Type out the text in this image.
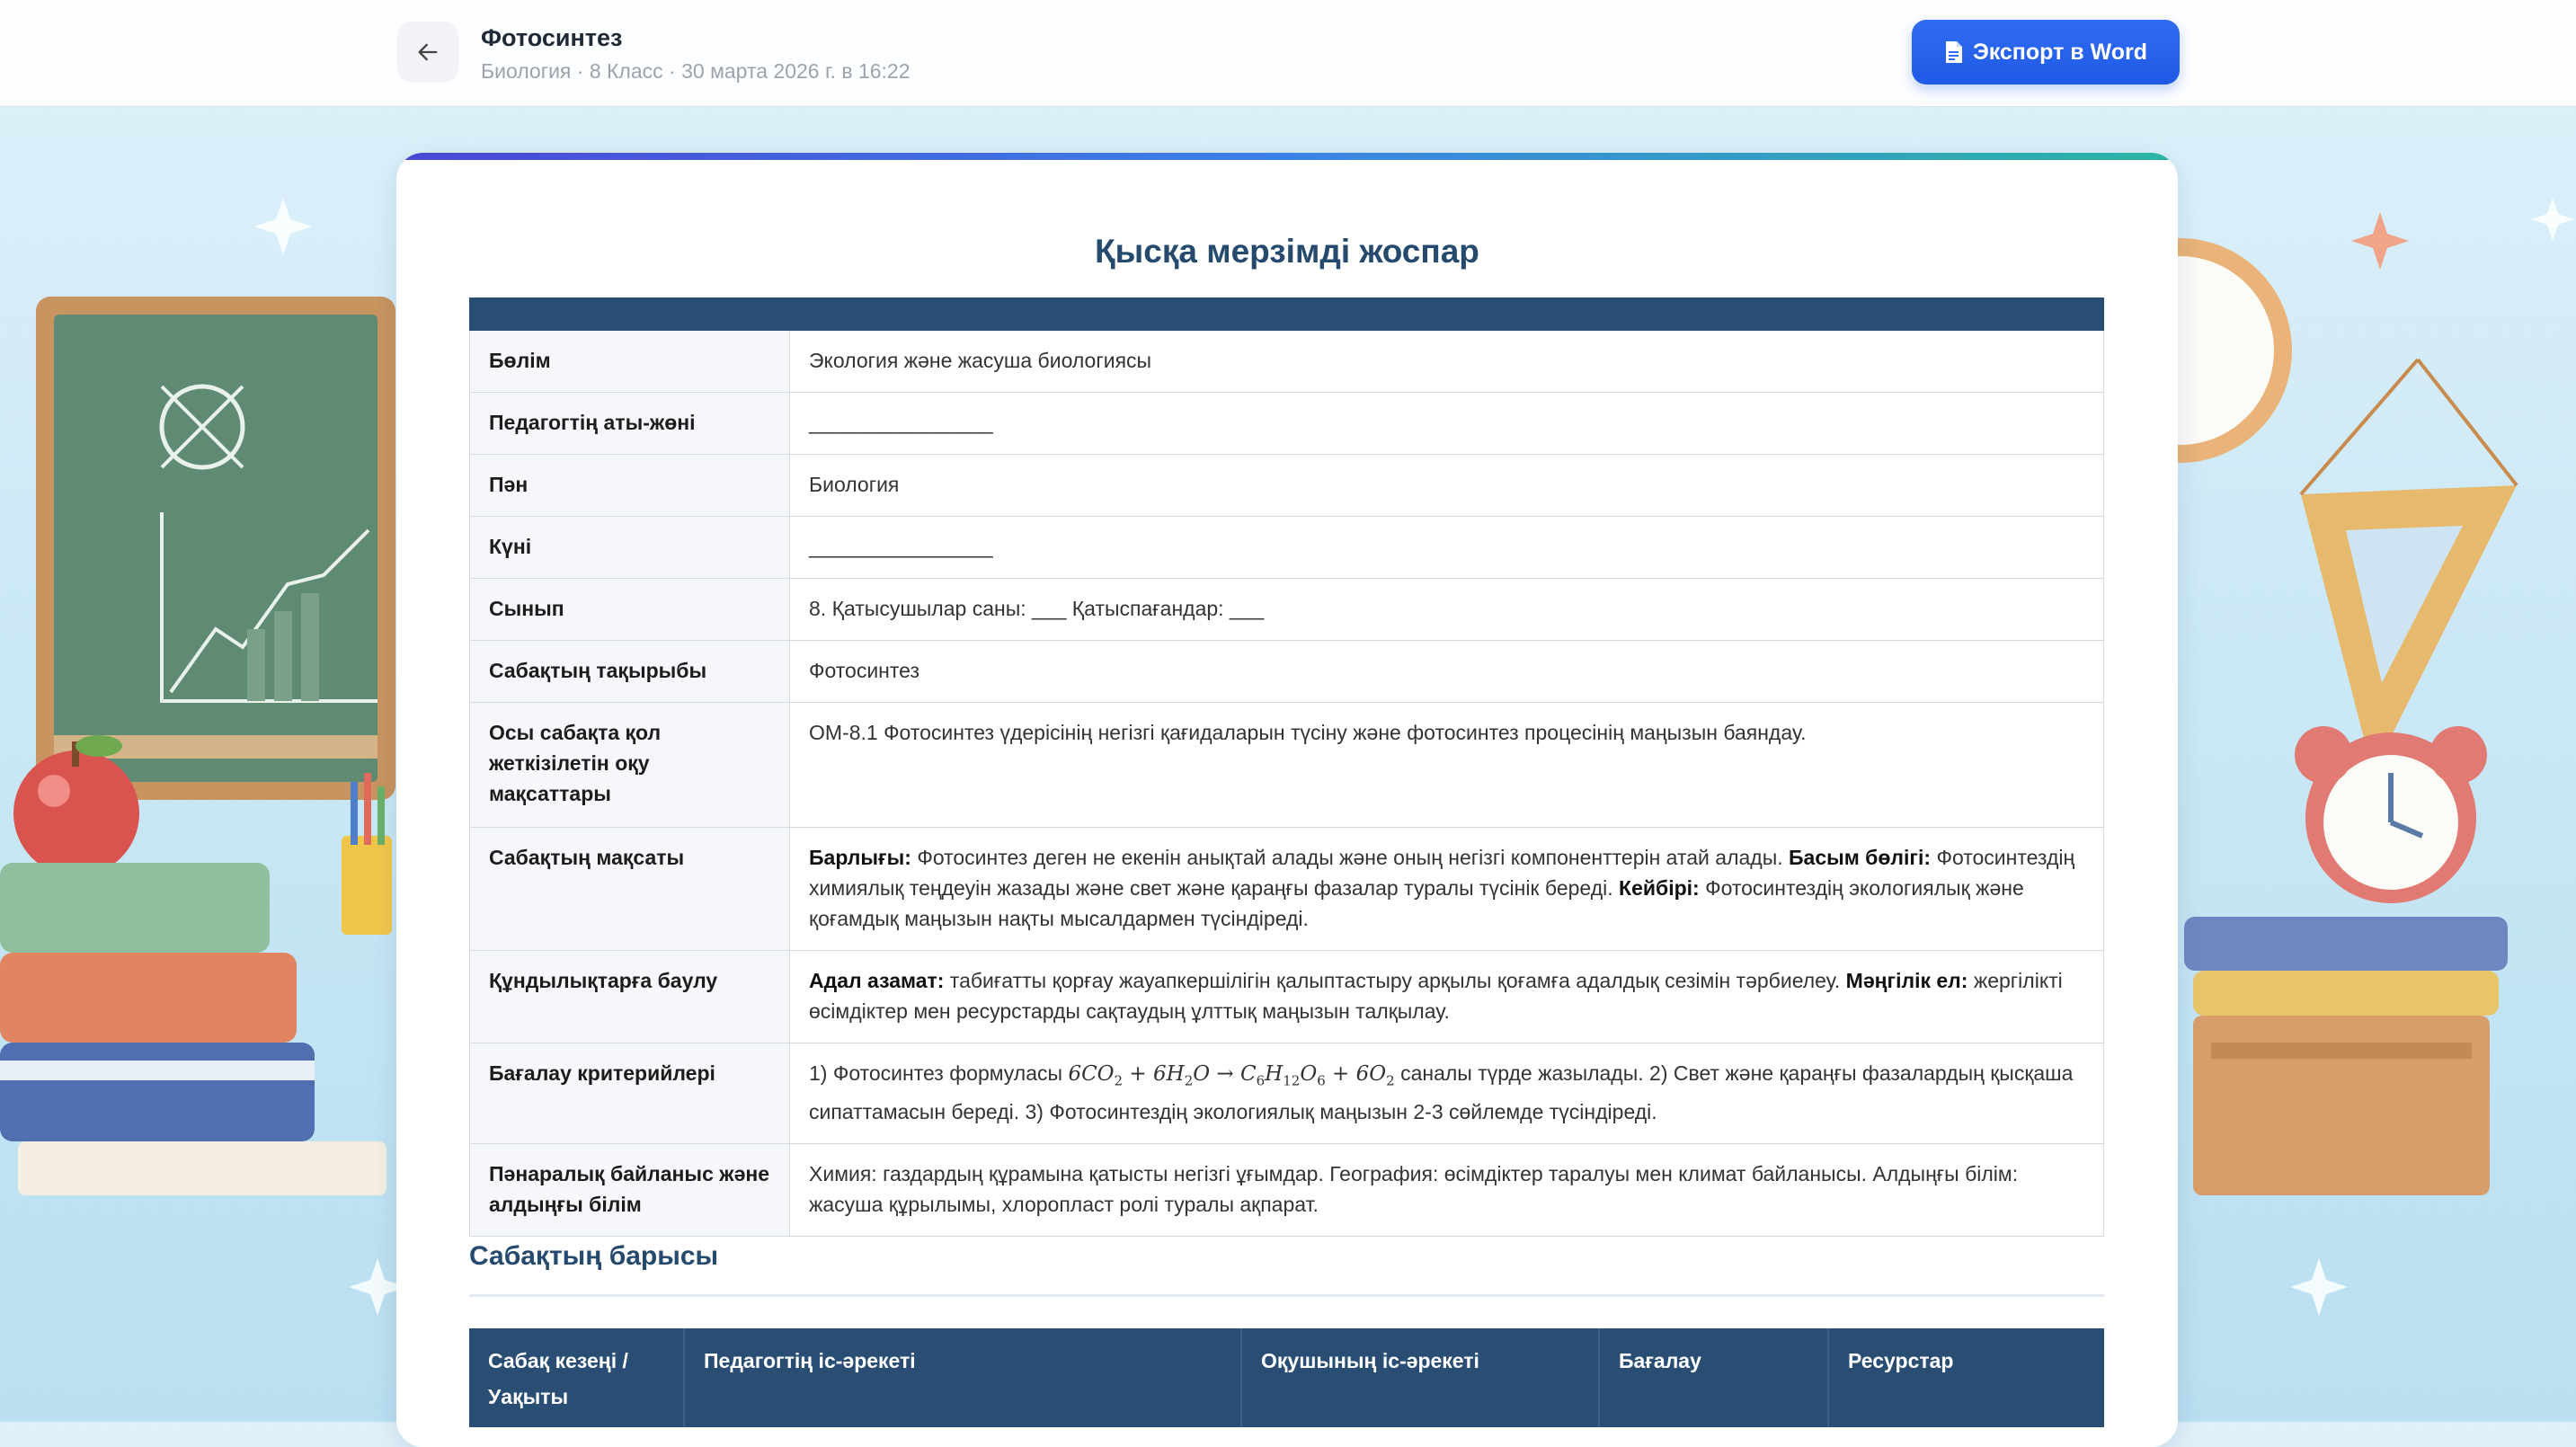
Фотосинтез
Биология · 8 Класс · 30 марта 2026 г. в 16:22
Экспорт в Word
Қысқа мерзімді жоспар

Бөлім	Экология және жасуша биологиясы
Педагогтің аты-жөні	________________
Пән	Биология
Күні	________________
Сынып	8. Қатысушылар саны: ___ Қатыспағандар: ___
Сабақтың тақырыбы	Фотосинтез
Осы сабақта қол жеткізілетін оқу мақсаттары	ОМ-8.1 Фотосинтез үдерісінің негізгі қағидаларын түсіну және фотосинтез процесінің маңызын баяндау.
Сабақтың мақсаты	Барлығы: Фотосинтез деген не екенін анықтай алады және оның негізгі компоненттерін атай алады. Басым бөлігі: Фотосинтездің химиялық теңдеуін жазады және свет және қараңғы фазалар туралы түсінік береді. Кейбірі: Фотосинтездің экологиялық және қоғамдық маңызын нақты мысалдармен түсіндіреді.
Құндылықтарға баулу	Адал азамат: табиғатты қорғау жауапкершілігін қалыптастыру арқылы қоғамға адалдық сезімін тәрбиелеу. Мәңгілік ел: жергілікті өсімдіктер мен ресурстарды сақтаудың ұлттық маңызын талқылау.
Бағалау критерийлері	1) Фотосинтез формуласы $6CO_2 + 6H_2O \to C_6H_{12}O_6 + 6O_2$ саналы түрде жазылады. 2) Свет және қараңғы фазалардың қысқаша сипаттамасын береді. 3) Фотосинтездің экологиялық маңызын 2-3 сөйлемде түсіндіреді.
Пәнаралық байланыс және алдыңғы білім	Химия: газдардың құрамына қатысты негізгі ұғымдар. География: өсімдіктер таралуы мен климат байланысы. Алдыңғы білім: жасуша құрылымы, хлоропласт ролі туралы ақпарат.
Сабақтың барысы
Сабақ кезеңі / Уақыты	Педагогтің іс-әрекеті	Оқушының іс-әрекеті	Бағалау	Ресурстар
